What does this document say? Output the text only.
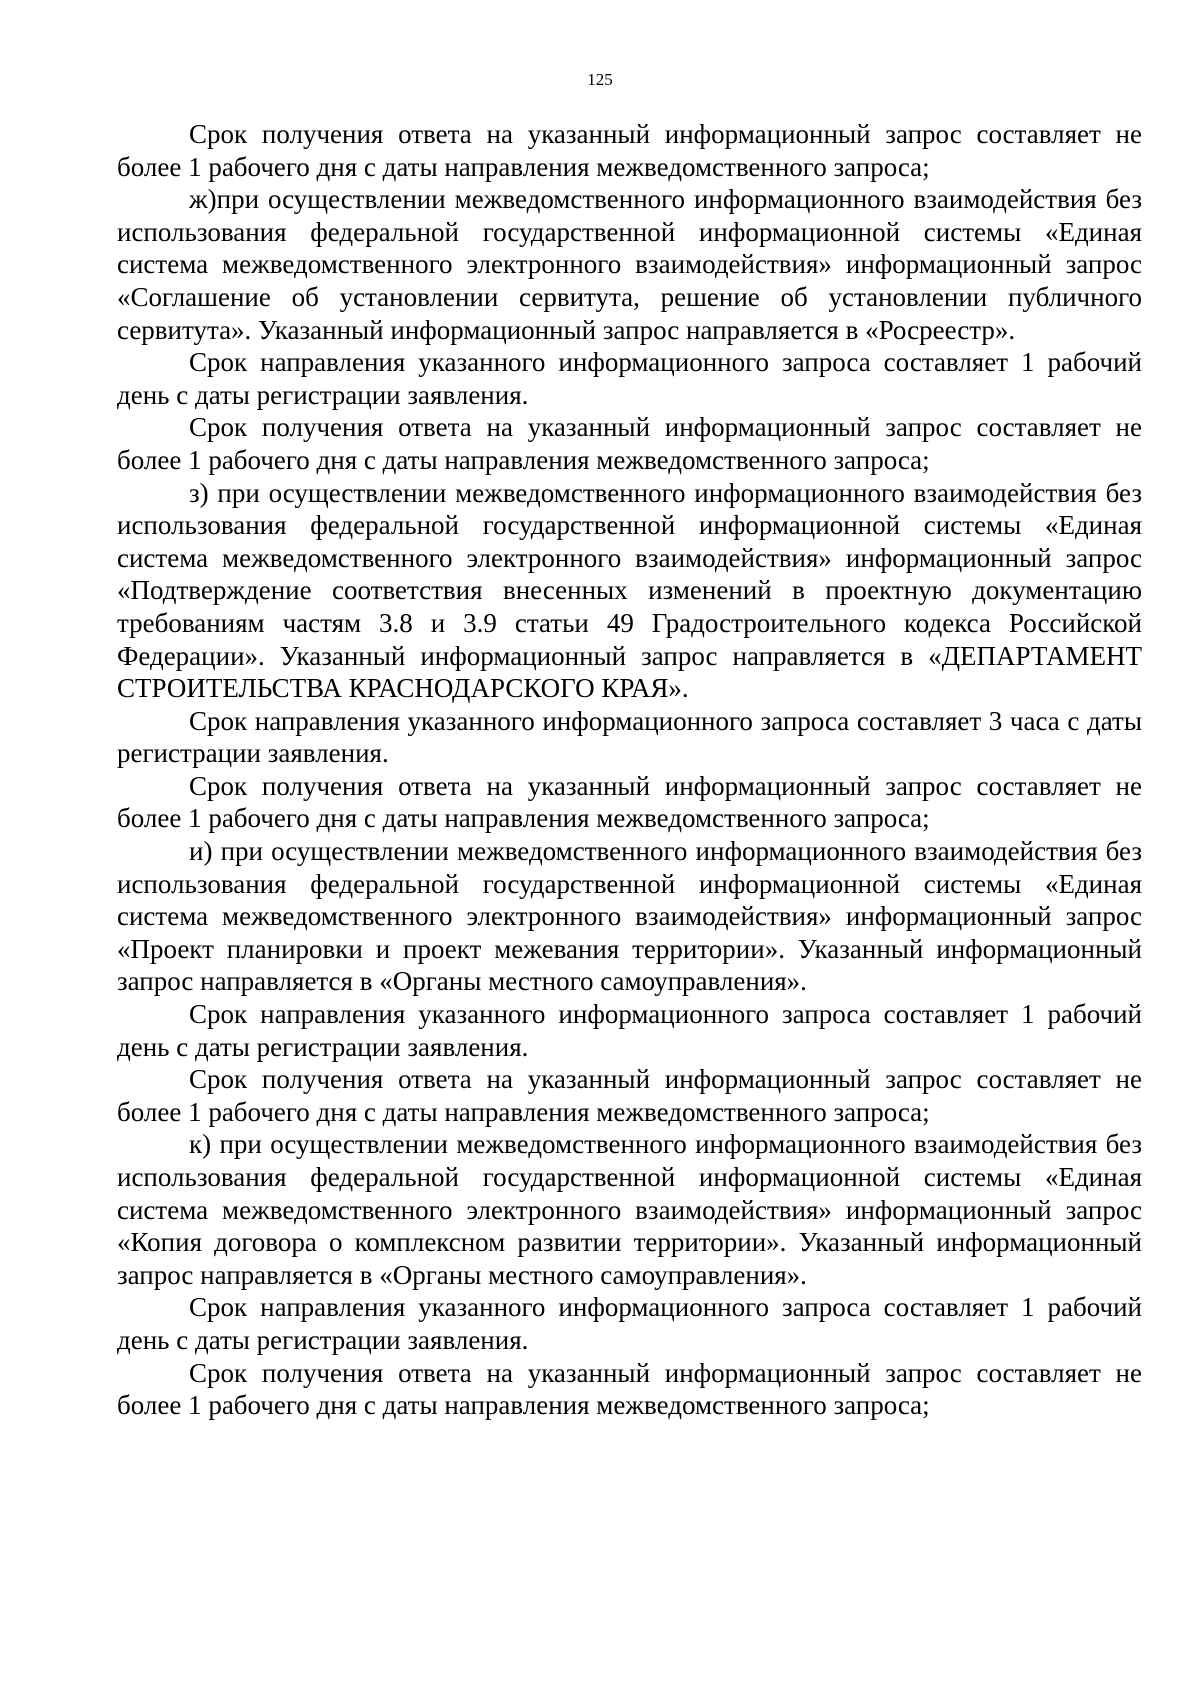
125

Срок получения ответа на указанный информационный запрос составляет не более 1 рабочего дня с даты направления межведомственного запроса;

ж)при осуществлении межведомственного информационного взаимодействия без использования федеральной государственной информационной системы «Единая система межведомственного электронного взаимодействия» информационный запрос «Соглашение об установлении сервитута, решение об установлении публичного сервитута». Указанный информационный запрос направляется в «Росреестр».

Срок направления указанного информационного запроса составляет 1 рабочий день с даты регистрации заявления.

Срок получения ответа на указанный информационный запрос составляет не более 1 рабочего дня с даты направления межведомственного запроса;

з) при осуществлении межведомственного информационного взаимодействия без использования федеральной государственной информационной системы «Единая система межведомственного электронного взаимодействия» информационный запрос «Подтверждение соответствия внесенных изменений в проектную документацию требованиям частям 3.8 и 3.9 статьи 49 Градостроительного кодекса Российской Федерации». Указанный информационный запрос направляется в «ДЕПАРТАМЕНТ СТРОИТЕЛЬСТВА КРАСНОДАРСКОГО КРАЯ».

Срок направления указанного информационного запроса составляет 3 часа с даты регистрации заявления.

Срок получения ответа на указанный информационный запрос составляет не более 1 рабочего дня с даты направления межведомственного запроса;

и) при осуществлении межведомственного информационного взаимодействия без использования федеральной государственной информационной системы «Единая система межведомственного электронного взаимодействия» информационный запрос «Проект планировки и проект межевания территории». Указанный информационный запрос направляется в «Органы местного самоуправления».

Срок направления указанного информационного запроса составляет 1 рабочий день с даты регистрации заявления.

Срок получения ответа на указанный информационный запрос составляет не более 1 рабочего дня с даты направления межведомственного запроса;

к) при осуществлении межведомственного информационного взаимодействия без использования федеральной государственной информационной системы «Единая система межведомственного электронного взаимодействия» информационный запрос «Копия договора о комплексном развитии территории». Указанный информационный запрос направляется в «Органы местного самоуправления».

Срок направления указанного информационного запроса составляет 1 рабочий день с даты регистрации заявления.

Срок получения ответа на указанный информационный запрос составляет не более 1 рабочего дня с даты направления межведомственного запроса;
